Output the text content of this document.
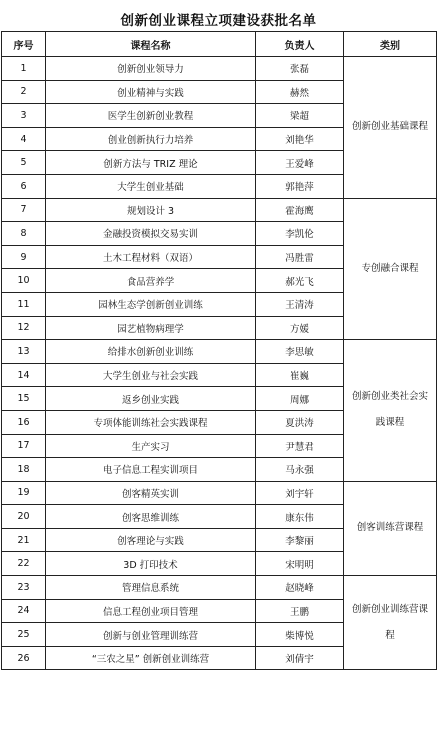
创新创业课程立项建设获批名单
序号	课程名称	负责人	类别
1	创新创业领导力	张磊	创新创业基础课程
2	创业精神与实践	赫然	
3	医学生创新创业教程	梁超	
4	创业创新执行力培养	刘艳华	
5	创新方法与 TRIZ 理论	王爱峰	
6	大学生创业基础	郭艳萍	
7	规划设计 3	霍海鹰	专创融合课程
8	金融投资模拟交易实训	李凯伦	
9	土木工程材料（双语）	冯胜雷	
10	食品营养学	郝光飞	
11	园林生态学创新创业训练	王清涛	
12	园艺植物病理学	方媛	
13	给排水创新创业训练	李思敏	创新创业类社会实践课程
14	大学生创业与社会实践	崔巍	
15	返乡创业实践	周娜	
16	专项体能训练社会实践课程	夏洪涛	
17	生产实习	尹慧君	
18	电子信息工程实训项目	马永强	
19	创客精英实训	刘宇轩	创客训练营课程
20	创客思维训练	康东伟	
21	创客理论与实践	李黎丽	
22	3D 打印技术	宋明明	
23	管理信息系统	赵晓峰	创新创业训练营课程
24	信息工程创业项目管理	王鹏	
25	创新与创业管理训练营	柴博悦	
26	“三农之星” 创新创业训练营	刘倩宇	
